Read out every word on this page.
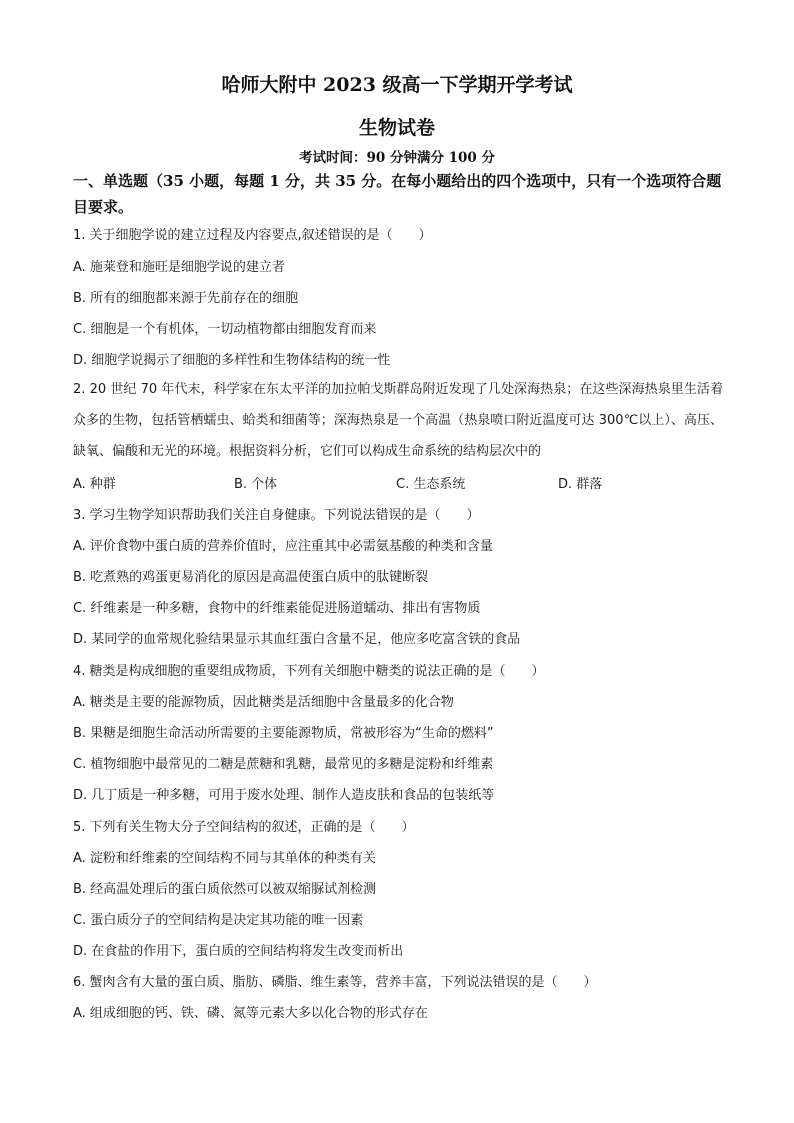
哈师大附中 2023 级高一下学期开学考试
生物试卷
考试时间：90 分钟满分 100 分
一、单选题（35 小题，每题 1 分，共 35 分。在每小题给出的四个选项中，只有一个选项符合题目要求。
1. 关于细胞学说的建立过程及内容要点,叙述错误的是（　　）
A. 施莱登和施旺是细胞学说的建立者
B. 所有的细胞都来源于先前存在的细胞
C. 细胞是一个有机体，一切动植物都由细胞发育而来
D. 细胞学说揭示了细胞的多样性和生物体结构的统一性
2. 20 世纪 70 年代末，科学家在东太平洋的加拉帕戈斯群岛附近发现了几处深海热泉；在这些深海热泉里生活着众多的生物，包括管栖蠕虫、蛤类和细菌等；深海热泉是一个高温（热泉喷口附近温度可达 300℃以上）、高压、缺氧、偏酸和无光的环境。根据资料分析，它们可以构成生命系统的结构层次中的
A. 种群	B. 个体	C. 生态系统	D. 群落
3. 学习生物学知识帮助我们关注自身健康。下列说法错误的是（　　）
A. 评价食物中蛋白质的营养价值时，应注重其中必需氨基酸的种类和含量
B. 吃煮熟的鸡蛋更易消化的原因是高温使蛋白质中的肽键断裂
C. 纤维素是一种多糖，食物中的纤维素能促进肠道蠕动、排出有害物质
D. 某同学的血常规化验结果显示其血红蛋白含量不足，他应多吃富含铁的食品
4. 糖类是构成细胞的重要组成物质，下列有关细胞中糖类的说法正确的是（　　）
A. 糖类是主要的能源物质，因此糖类是活细胞中含量最多的化合物
B. 果糖是细胞生命活动所需要的主要能源物质，常被形容为“生命的燃料”
C. 植物细胞中最常见的二糖是蔗糖和乳糖，最常见的多糖是淀粉和纤维素
D. 几丁质是一种多糖，可用于废水处理、制作人造皮肤和食品的包装纸等
5. 下列有关生物大分子空间结构的叙述，正确的是（　　）
A. 淀粉和纤维素的空间结构不同与其单体的种类有关
B. 经高温处理后的蛋白质依然可以被双缩脲试剂检测
C. 蛋白质分子的空间结构是决定其功能的唯一因素
D. 在食盐的作用下，蛋白质的空间结构将发生改变而析出
6. 蟹肉含有大量的蛋白质、脂肪、磷脂、维生素等，营养丰富，下列说法错误的是（　　）
A. 组成细胞的钙、铁、磷、氮等元素大多以化合物的形式存在
